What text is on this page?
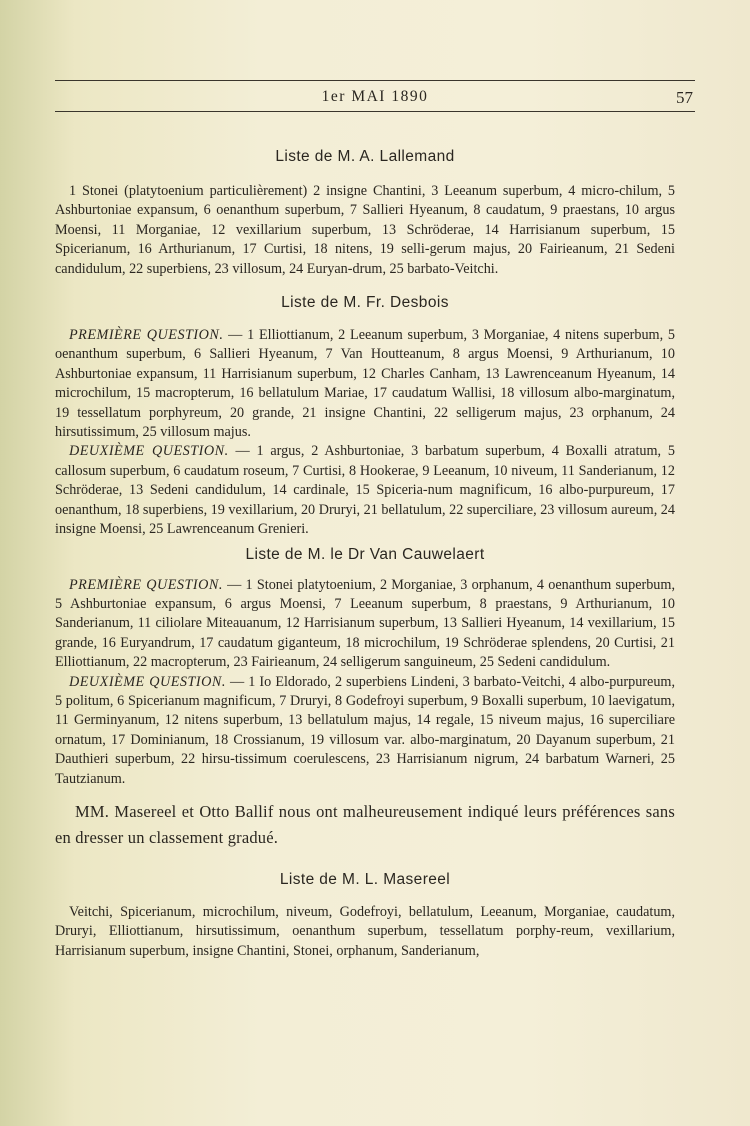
1er MAI 1890	57
Liste de M. A. Lallemand

1 Stonei (platytoenium particulièrement) 2 insigne Chantini, 3 Leeanum superbum, 4 micro-chilum, 5 Ashburtoniae expansum, 6 oenanthum superbum, 7 Sallieri Hyeanum, 8 caudatum, 9 praestans, 10 argus Moensi, 11 Morganiae, 12 vexillarium superbum, 13 Schröderae, 14 Harrisianum superbum, 15 Spicerianum, 16 Arthurianum, 17 Curtisi, 18 nitens, 19 selli-gerum majus, 20 Fairieanum, 21 Sedeni candidulum, 22 superbiens, 23 villosum, 24 Euryan-drum, 25 barbato-Veitchi.

Liste de M. Fr. Desbois

PREMIÈRE QUESTION. — 1 Elliottianum, 2 Leeanum superbum, 3 Morganiae, 4 nitens superbum, 5 oenanthum superbum, 6 Sallieri Hyeanum, 7 Van Houtteanum, 8 argus Moensi, 9 Arthurianum, 10 Ashburtoniae expansum, 11 Harrisianum superbum, 12 Charles Canham, 13 Lawrenceanum Hyeanum, 14 microchilum, 15 macropterum, 16 bellatulum Mariae, 17 caudatum Wallisi, 18 villosum albo-marginatum, 19 tessellatum porphyreum, 20 grande, 21 insigne Chantini, 22 selligerum majus, 23 orphanum, 24 hirsutissimum, 25 villosum majus.

DEUXIÈME QUESTION. — 1 argus, 2 Ashburtoniae, 3 barbatum superbum, 4 Boxalli atratum, 5 callosum superbum, 6 caudatum roseum, 7 Curtisi, 8 Hookerae, 9 Leeanum, 10 niveum, 11 Sanderianum, 12 Schröderae, 13 Sedeni candidulum, 14 cardinale, 15 Spiceria-num magnificum, 16 albo-purpureum, 17 oenanthum, 18 superbiens, 19 vexillarium, 20 Druryi, 21 bellatulum, 22 superciliare, 23 villosum aureum, 24 insigne Moensi, 25 Lawrenceanum Grenieri.

Liste de M. le Dr Van Cauwelaert

PREMIÈRE QUESTION. — 1 Stonei platytoenium, 2 Morganiae, 3 orphanum, 4 oenanthum superbum, 5 Ashburtoniae expansum, 6 argus Moensi, 7 Leeanum superbum, 8 praestans, 9 Arthurianum, 10 Sanderianum, 11 ciliolare Miteauanum, 12 Harrisianum superbum, 13 Sallieri Hyeanum, 14 vexillarium, 15 grande, 16 Euryandrum, 17 caudatum giganteum, 18 microchilum, 19 Schröderae splendens, 20 Curtisi, 21 Elliottianum, 22 macropterum, 23 Fairieanum, 24 selligerum sanguineum, 25 Sedeni candidulum.

DEUXIÈME QUESTION. — 1 Io Eldorado, 2 superbiens Lindeni, 3 barbato-Veitchi, 4 albo-purpureum, 5 politum, 6 Spicerianum magnificum, 7 Druryi, 8 Godefroyi superbum, 9 Boxalli superbum, 10 laevigatum, 11 Germinyanum, 12 nitens superbum, 13 bellatulum majus, 14 regale, 15 niveum majus, 16 superciliare ornatum, 17 Dominianum, 18 Crossianum, 19 villosum var. albo-marginatum, 20 Dayanum superbum, 21 Dauthieri superbum, 22 hirsu-tissimum coerulescens, 23 Harrisianum nigrum, 24 barbatum Warneri, 25 Tautzianum.

MM. Masereel et Otto Ballif nous ont malheureusement indiqué leurs préférences sans en dresser un classement gradué.

Liste de M. L. Masereel

Veitchi, Spicerianum, microchilum, niveum, Godefroyi, bellatulum, Leeanum, Morganiae, caudatum, Druryi, Elliottianum, hirsutissimum, oenanthum superbum, tessellatum porphy-reum, vexillarium, Harrisianum superbum, insigne Chantini, Stonei, orphanum, Sanderianum,
